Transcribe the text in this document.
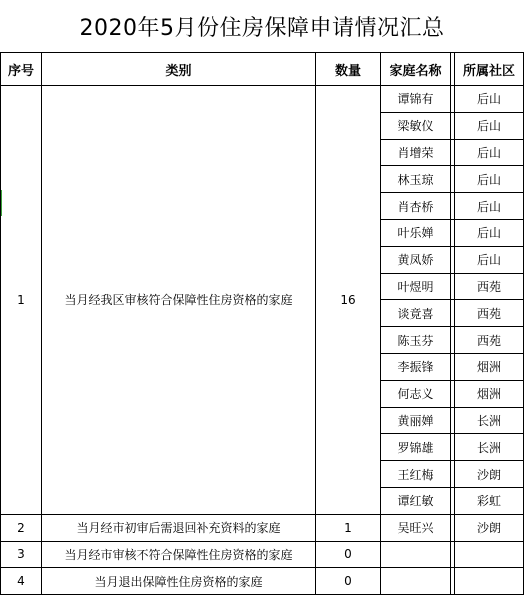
2020年5月份住房保障申请情况汇总
序号	类别	数量	家庭名称		所属社区
1	当月经我区审核符合保障性住房资格的家庭	16	谭锦有		后山
			梁敏仪		后山
			肖增荣		后山
			林玉琼		后山
			肖杏桥		后山
			叶乐婵		后山
			黄凤娇		后山
			叶煜明		西苑
			谈竟喜		西苑
			陈玉芬		西苑
			李振锋		烟洲
			何志义		烟洲
			黄丽婵		长洲
			罗锦雄		长洲
			王红梅		沙朗
			谭红敏		彩虹
2	当月经市初审后需退回补充资料的家庭	1	吴旺兴		沙朗
3	当月经市审核不符合保障性住房资格的家庭	0			
4	当月退出保障性住房资格的家庭	0			
